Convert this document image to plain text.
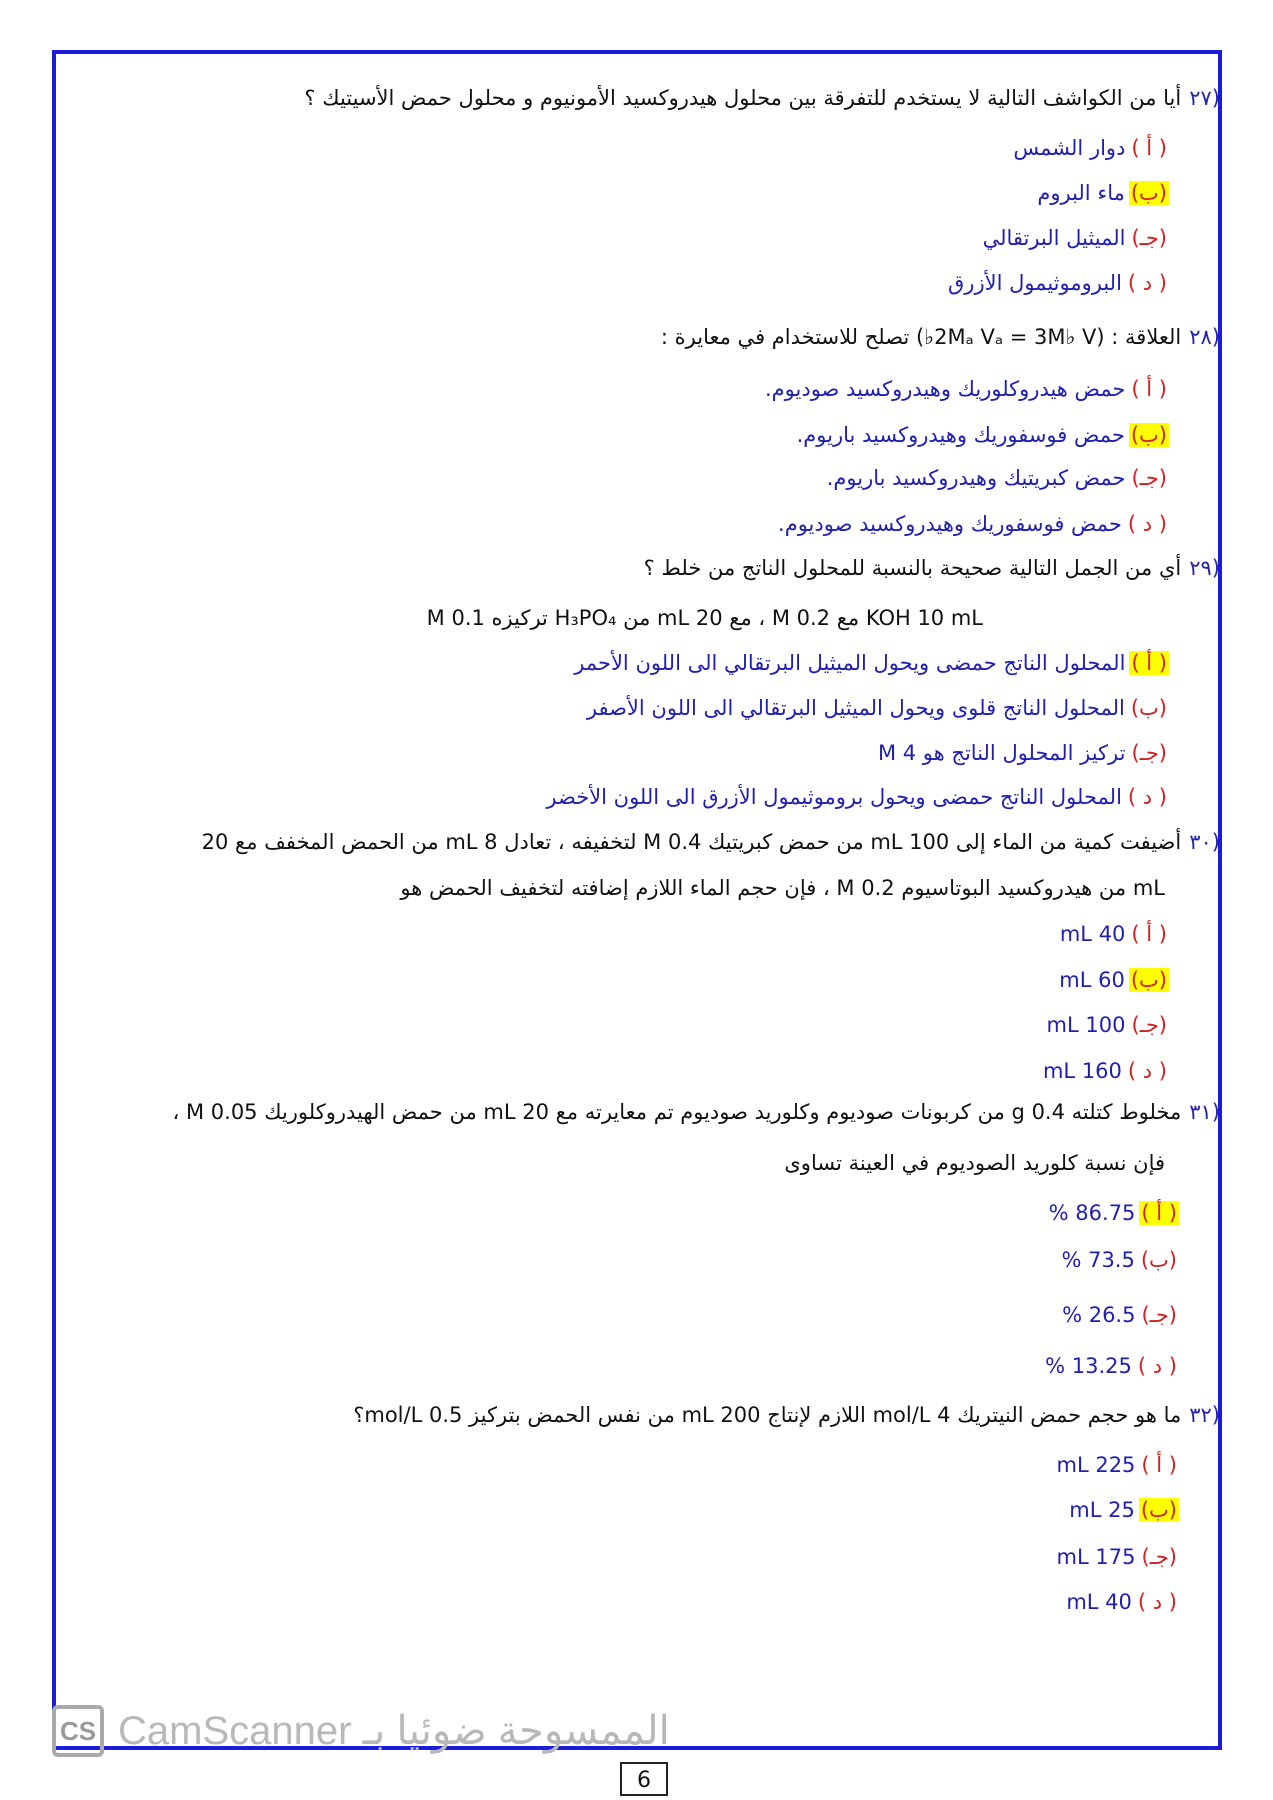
(٢٧أيا من الكواشف التالية لا يستخدم للتفرقة بين محلول هيدروكسيد الأمونيوم و محلول حمض الأسيتيك ؟
( أ )دوار الشمس
(ب)ماء البروم
(جـ)الميثيل البرتقالي
( د )البروموثيمول الأزرق
(٢٨العلاقة : (2Mₐ Vₐ = 3M♭ V♭) تصلح للاستخدام في معايرة :
( أ )حمض هيدروكلوريك وهيدروكسيد صوديوم.
(ب)حمض فوسفوريك وهيدروكسيد باريوم.
(جـ)حمض كبريتيك وهيدروكسيد باريوم.
( د )حمض فوسفوريك وهيدروكسيد صوديوم.
(٢٩أي من الجمل التالية صحيحة بالنسبة للمحلول الناتج من خلط ؟
KOH 10 mL مع 0.2 M ، مع 20 mL من H₃PO₄ تركيزه 0.1 M
( أ )المحلول الناتج حمضى ويحول الميثيل البرتقالي الى اللون الأحمر
(ب)المحلول الناتج قلوى ويحول الميثيل البرتقالي الى اللون الأصفر
(جـ)تركيز المحلول الناتج هو 4 M
( د )المحلول الناتج حمضى ويحول بروموثيمول الأزرق الى اللون الأخضر
(٣٠أضيفت كمية من الماء إلى 100 mL من حمض كبريتيك 0.4 M لتخفيفه ، تعادل 8 mL من الحمض المخفف مع 20
mL من هيدروكسيد البوتاسيوم 0.2 M ، فإن حجم الماء اللازم إضافته لتخفيف الحمض هو
( أ )40 mL
(ب)60 mL
(جـ)100 mL
( د )160 mL
(٣١مخلوط كتلته 0.4 g من كربونات صوديوم وكلوريد صوديوم تم معايرته مع 20 mL من حمض الهيدروكلوريك 0.05 M ،
فإن نسبة كلوريد الصوديوم في العينة تساوى
( أ )86.75 %
(ب)73.5 %
(جـ)26.5 %
( د )13.25 %
(٣٢ما هو حجم حمض النيتريك 4 mol/L اللازم لإنتاج 200 mL من نفس الحمض بتركيز 0.5 mol/L؟
( أ )225 mL
(ب)25 mL
(جـ)175 mL
( د )40 mL
CS CamScanner الممسوحة ضوئيا بـ
6
